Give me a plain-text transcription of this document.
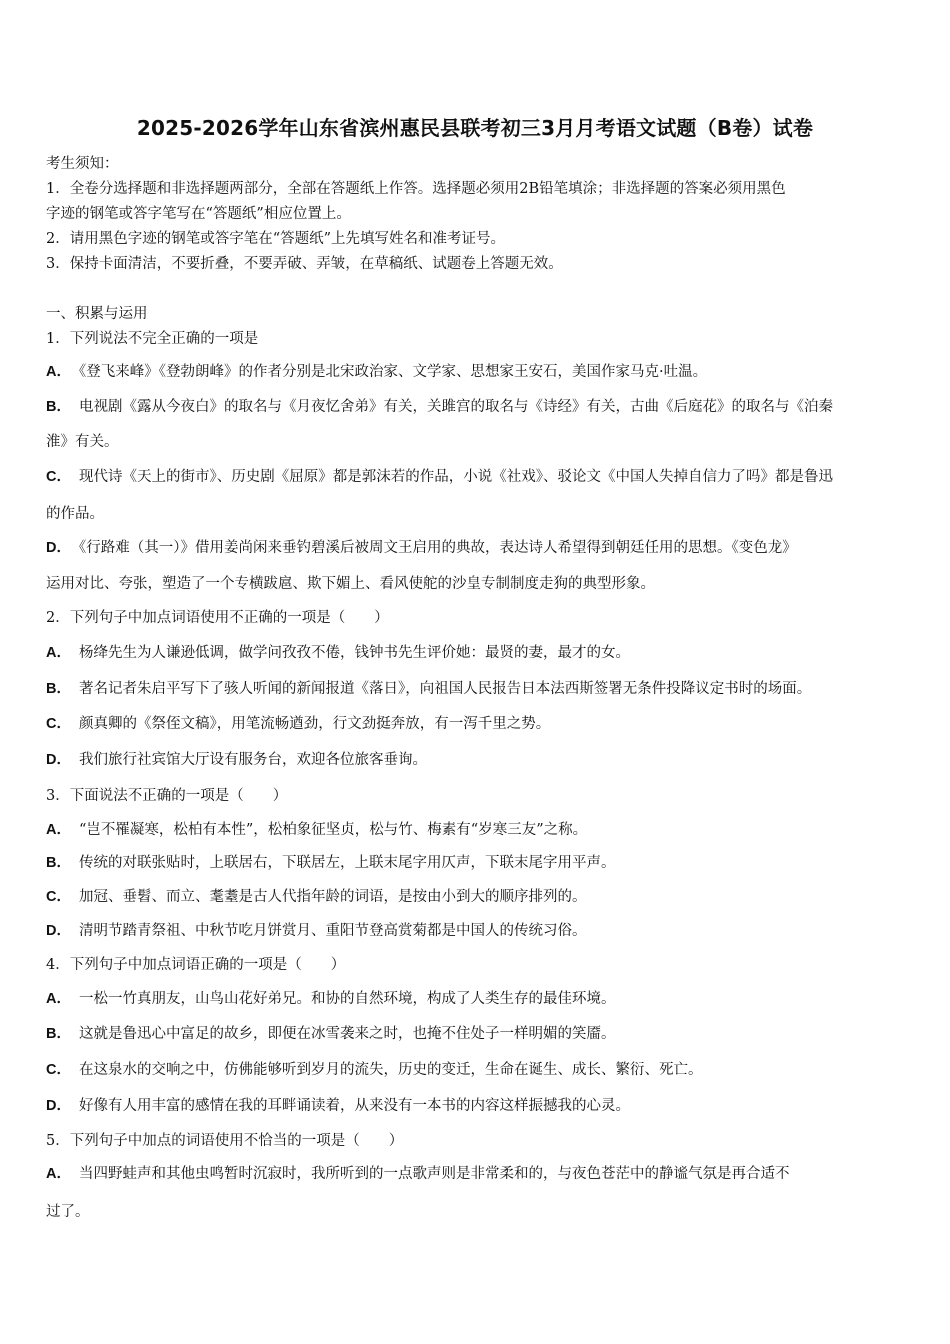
2025-2026学年山东省滨州惠民县联考初三3月月考语文试题（B卷）试卷
考生须知：
1．全卷分选择题和非选择题两部分，全部在答题纸上作答。选择题必须用2B铅笔填涂；非选择题的答案必须用黑色
字迹的钢笔或答字笔写在“答题纸”相应位置上。
2．请用黑色字迹的钢笔或答字笔在“答题纸”上先填写姓名和准考证号。
3．保持卡面清洁，不要折叠，不要弄破、弄皱，在草稿纸、试题卷上答题无效。
一、积累与运用
1．下列说法不完全正确的一项是
A． 《登飞来峰》《登勃朗峰》的作者分别是北宋政治家、文学家、思想家王安石，美国作家马克·吐温。
B． 电视剧《露从今夜白》的取名与《月夜忆舍弟》有关，关雎宫的取名与《诗经》有关，古曲《后庭花》的取名与《泊秦
淮》有关。
C． 现代诗《天上的街市》、历史剧《屈原》都是郭沫若的作品，小说《社戏》、驳论文《中国人失掉自信力了吗》都是鲁迅
的作品。
D． 《行路难（其一）》借用姜尚闲来垂钓碧溪后被周文王启用的典故，表达诗人希望得到朝廷任用的思想。《变色龙》
运用对比、夸张，塑造了一个专横跋扈、欺下媚上、看风使舵的沙皇专制制度走狗的典型形象。
2．下列句子中加点词语使用不正确的一项是（　　）
A． 杨绛先生为人谦逊低调，做学问孜孜不倦，钱钟书先生评价她：最贤的妻，最才的女。
B． 著名记者朱启平写下了骇人听闻的新闻报道《落日》，向祖国人民报告日本法西斯签署无条件投降议定书时的场面。
C． 颜真卿的《祭侄文稿》，用笔流畅遒劲，行文劲挺奔放，有一泻千里之势。
D． 我们旅行社宾馆大厅设有服务台，欢迎各位旅客垂询。
3．下面说法不正确的一项是（　　）
A． “岂不罹凝寒，松柏有本性”，松柏象征坚贞，松与竹、梅素有“岁寒三友”之称。
B． 传统的对联张贴时，上联居右，下联居左，上联末尾字用仄声，下联末尾字用平声。
C． 加冠、垂髫、而立、耄耋是古人代指年龄的词语，是按由小到大的顺序排列的。
D． 清明节踏青祭祖、中秋节吃月饼赏月、重阳节登高赏菊都是中国人的传统习俗。
4．下列句子中加点词语正确的一项是（　　）
A． 一松一竹真朋友，山鸟山花好弟兄。和协的自然环境，构成了人类生存的最佳环境。
B． 这就是鲁迅心中富足的故乡，即便在冰雪袭来之时，也掩不住处子一样明媚的笑靥。
C． 在这泉水的交响之中，仿佛能够听到岁月的流失，历史的变迁，生命在诞生、成长、繁衍、死亡。
D． 好像有人用丰富的感情在我的耳畔诵读着，从来没有一本书的内容这样振撼我的心灵。
5．下列句子中加点的词语使用不恰当的一项是（　　）
A． 当四野蛙声和其他虫鸣暂时沉寂时，我所听到的一点歌声则是非常柔和的，与夜色苍茫中的静谧气氛是再合适不
过了。
